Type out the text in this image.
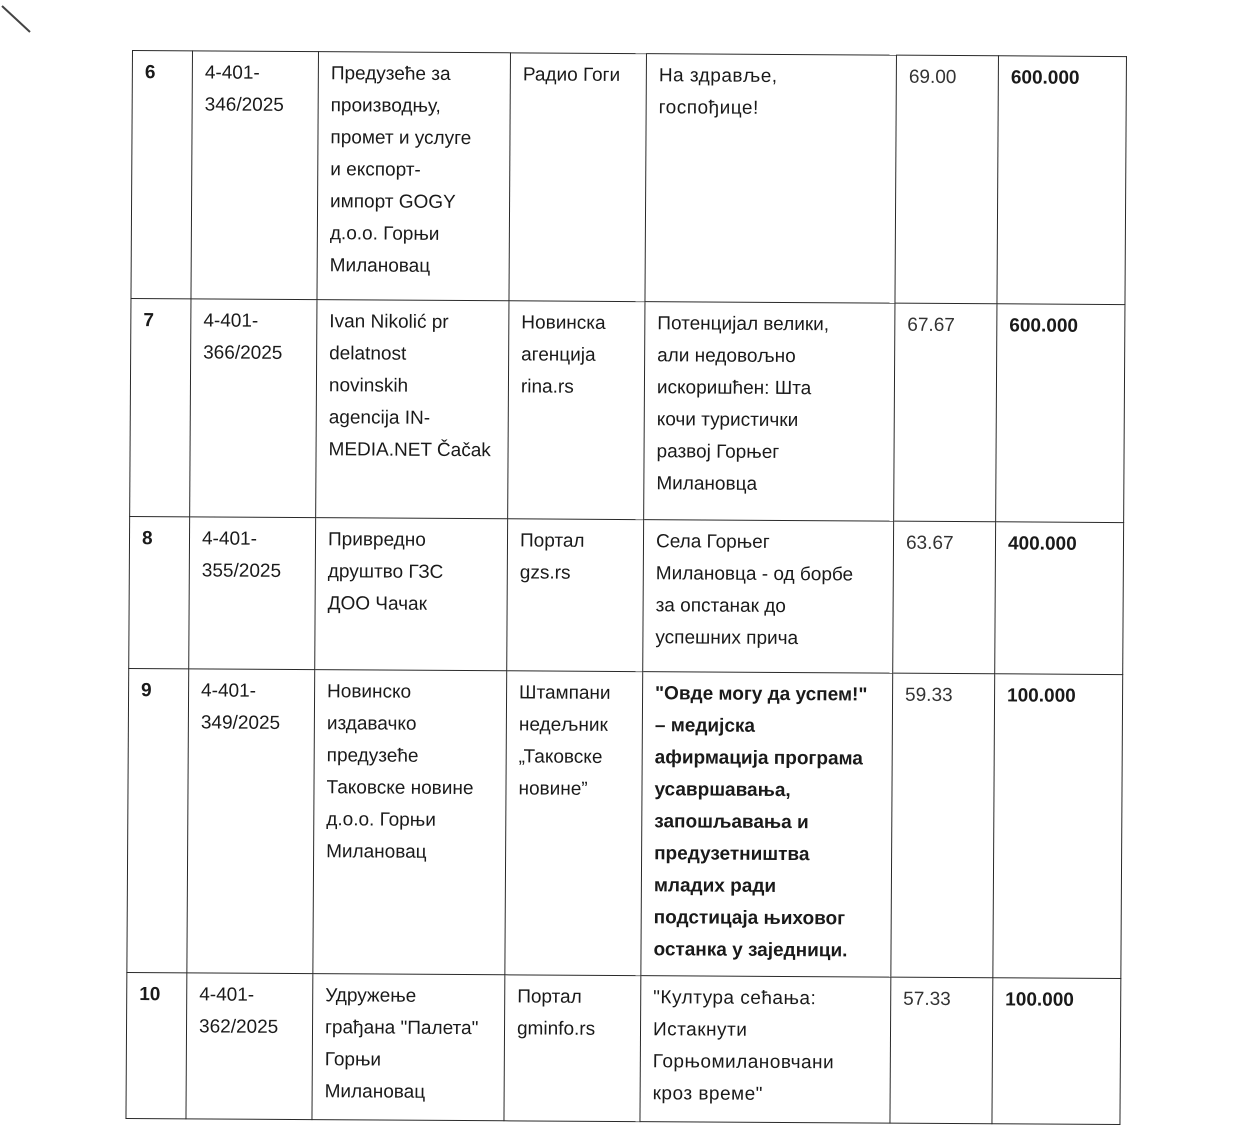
6	4-401-
346/2025

Предузеће за
производњу,
промет и услуге
и експорт-
импорт GOGY
д.о.о. Горњи
Милановац

Радио Гоги	На здравље,
госпођице!

69.00	600.000

7	4-401-
366/2025

Ivan Nikolić pr
delatnost
novinskih
agencija IN-
MEDIA.NET Čačak

Новинска
агенција
rina.rs

Потенцијал велики,
али недовољно
искоришћен: Шта
кочи туристички
развој Горњег
Милановца

67.67	600.000

8	4-401-
355/2025

Привредно
друштво ГЗС
ДОО Чачак

Портал
gzs.rs

Села Горњег
Милановца - од борбе
за опстанак до
успешних прича

63.67	400.000

9	4-401-
349/2025

Новинско
издавачко
предузеће
Таковске новине
д.о.о. Горњи
Милановац

Штампани
недељник
„Таковске
новине”

"Овде могу да успем!"
– медијска
афирмација програма
усавршавања,
запошљавања и
предузетништва
младих ради
подстицаја њиховог
останка у заједници.

59.33	100.000

10	4-401-
362/2025

Удружење
грађана "Палета"
Горњи
Милановац

Портал
gminfo.rs

"Култура сећања:
Истакнути
Горњомилановчани
кроз време"

57.33	100.000
